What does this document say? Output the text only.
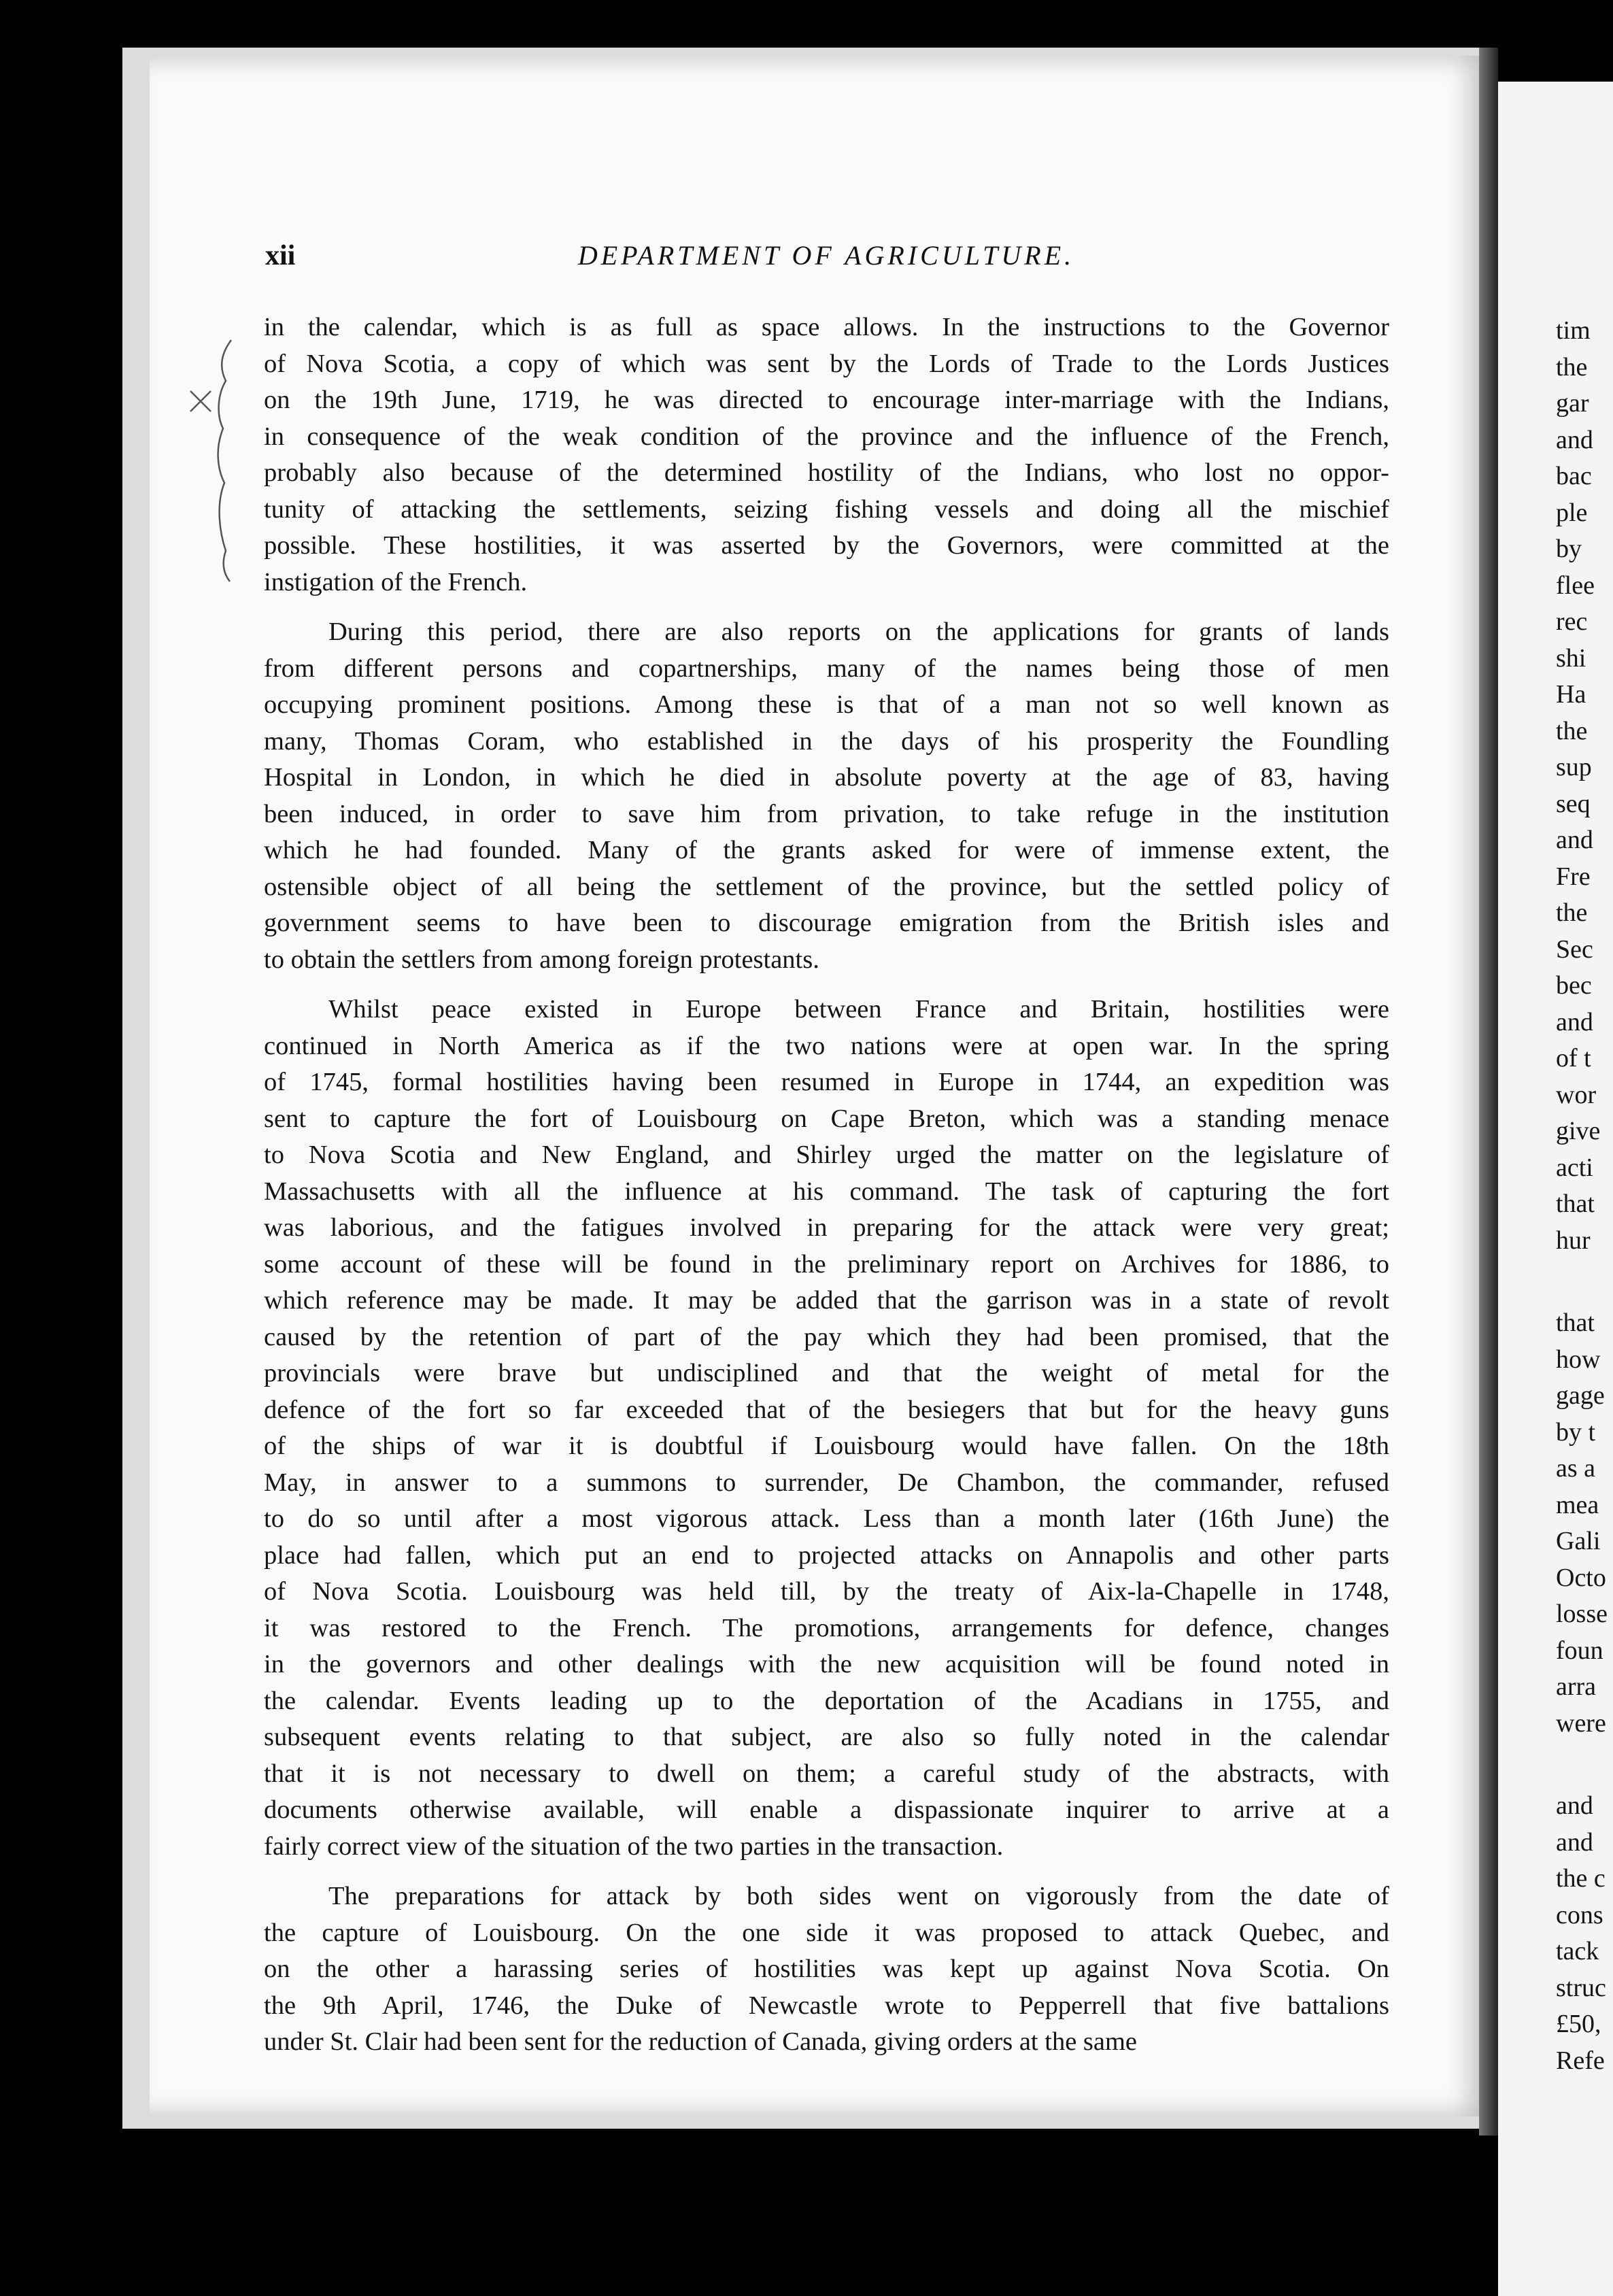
xii	DEPARTMENT OF AGRICULTURE.
in the calendar, which is as full as space allows. In the instructions to the Governor
of Nova Scotia, a copy of which was sent by the Lords of Trade to the Lords Justices
on the 19th June, 1719, he was directed to encourage inter-marriage with the Indians,
in consequence of the weak condition of the province and the influence of the French,
probably also because of the determined hostility of the Indians, who lost no oppor-
tunity of attacking the settlements, seizing fishing vessels and doing all the mischief
possible. These hostilities, it was asserted by the Governors, were committed at the
instigation of the French.
During this period, there are also reports on the applications for grants of lands
from different persons and copartnerships, many of the names being those of men
occupying prominent positions. Among these is that of a man not so well known as
many, Thomas Coram, who established in the days of his prosperity the Foundling
Hospital in London, in which he died in absolute poverty at the age of 83, having
been induced, in order to save him from privation, to take refuge in the institution
which he had founded. Many of the grants asked for were of immense extent, the
ostensible object of all being the settlement of the province, but the settled policy of
government seems to have been to discourage emigration from the British isles and
to obtain the settlers from among foreign protestants.
Whilst peace existed in Europe between France and Britain, hostilities were
continued in North America as if the two nations were at open war. In the spring
of 1745, formal hostilities having been resumed in Europe in 1744, an expedition was
sent to capture the fort of Louisbourg on Cape Breton, which was a standing menace
to Nova Scotia and New England, and Shirley urged the matter on the legislature of
Massachusetts with all the influence at his command. The task of capturing the fort
was laborious, and the fatigues involved in preparing for the attack were very great;
some account of these will be found in the preliminary report on Archives for 1886, to
which reference may be made. It may be added that the garrison was in a state of revolt
caused by the retention of part of the pay which they had been promised, that the
provincials were brave but undisciplined and that the weight of metal for the
defence of the fort so far exceeded that of the besiegers that but for the heavy guns
of the ships of war it is doubtful if Louisbourg would have fallen. On the 18th
May, in answer to a summons to surrender, De Chambon, the commander, refused
to do so until after a most vigorous attack. Less than a month later (16th June) the
place had fallen, which put an end to projected attacks on Annapolis and other parts
of Nova Scotia. Louisbourg was held till, by the treaty of Aix-la-Chapelle in 1748,
it was restored to the French. The promotions, arrangements for defence, changes
in the governors and other dealings with the new acquisition will be found noted in
the calendar. Events leading up to the deportation of the Acadians in 1755, and
subsequent events relating to that subject, are also so fully noted in the calendar
that it is not necessary to dwell on them; a careful study of the abstracts, with
documents otherwise available, will enable a dispassionate inquirer to arrive at a
fairly correct view of the situation of the two parties in the transaction.
The preparations for attack by both sides went on vigorously from the date of
the capture of Louisbourg. On the one side it was proposed to attack Quebec, and
on the other a harassing series of hostilities was kept up against Nova Scotia. On
the 9th April, 1746, the Duke of Newcastle wrote to Pepperrell that five battalions
under St. Clair had been sent for the reduction of Canada, giving orders at the same
tim
the
gar
and
bac
ple
by
flee
rec
shi
Ha
the
sup
seq
and
Fre
the
Sec
bec
and
of t
wor
give
acti
that
hur
that
how
gage
by t
as a
mea
Gali
Octo
losse
foun
arra
were
and
and
the c
cons
tack
struc
£50,
Refe
